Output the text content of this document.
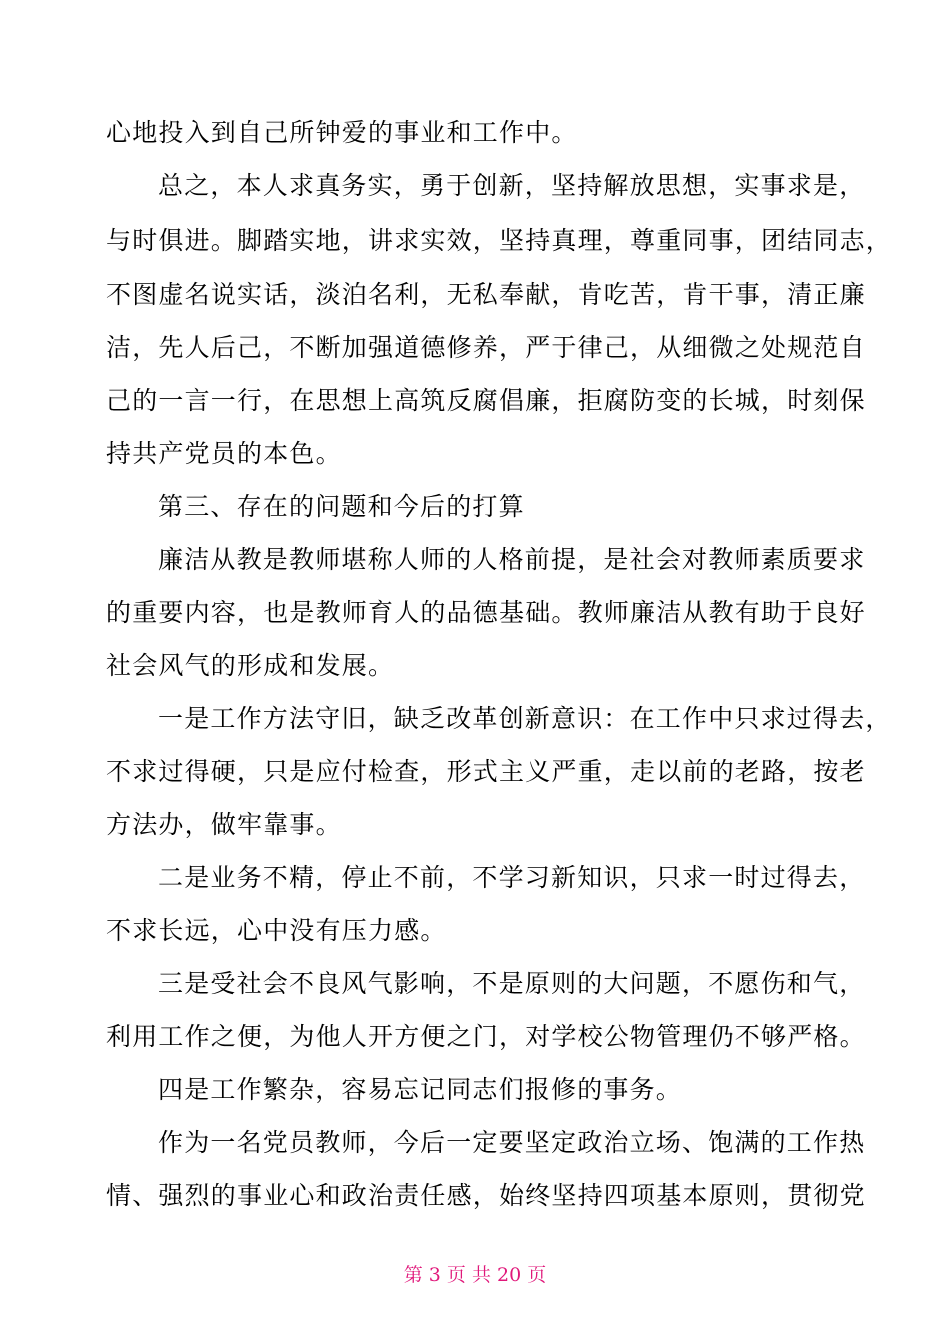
心地投入到自己所钟爱的事业和工作中。
总之，本人求真务实，勇于创新，坚持解放思想，实事求是，
与时俱进。脚踏实地，讲求实效，坚持真理，尊重同事，团结同志，
不图虚名说实话，淡泊名利，无私奉献，肯吃苦，肯干事，清正廉
洁，先人后己，不断加强道德修养，严于律己，从细微之处规范自
己的一言一行，在思想上高筑反腐倡廉，拒腐防变的长城，时刻保
持共产党员的本色。
第三、存在的问题和今后的打算
廉洁从教是教师堪称人师的人格前提，是社会对教师素质要求
的重要内容，也是教师育人的品德基础。教师廉洁从教有助于良好
社会风气的形成和发展。
一是工作方法守旧，缺乏改革创新意识：在工作中只求过得去，
不求过得硬，只是应付检查，形式主义严重，走以前的老路，按老
方法办，做牢靠事。
二是业务不精，停止不前，不学习新知识，只求一时过得去，
不求长远，心中没有压力感。
三是受社会不良风气影响，不是原则的大问题，不愿伤和气，
利用工作之便，为他人开方便之门，对学校公物管理仍不够严格。
四是工作繁杂，容易忘记同志们报修的事务。
作为一名党员教师，今后一定要坚定政治立场、饱满的工作热
情、强烈的事业心和政治责任感，始终坚持四项基本原则，贯彻党
第 3 页 共 20 页
